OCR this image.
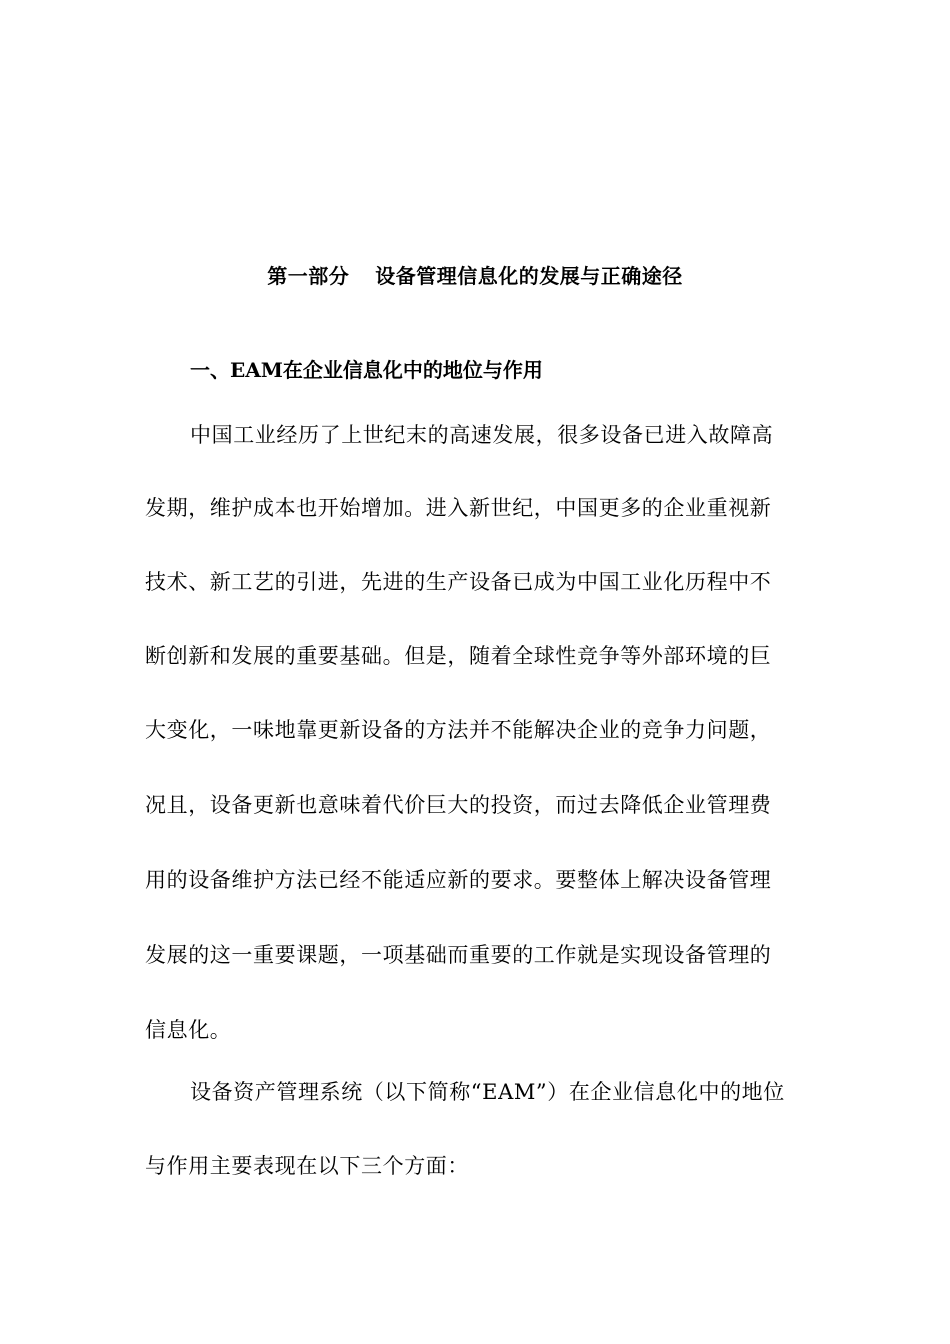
第一部分 设备管理信息化的发展与正确途径
一、EAM在企业信息化中的地位与作用
中国工业经历了上世纪末的高速发展，很多设备已进入故障高
发期，维护成本也开始增加。进入新世纪，中国更多的企业重视新
技术、新工艺的引进，先进的生产设备已成为中国工业化历程中不
断创新和发展的重要基础。但是，随着全球性竞争等外部环境的巨
大变化，一味地靠更新设备的方法并不能解决企业的竞争力问题，
况且，设备更新也意味着代价巨大的投资，而过去降低企业管理费
用的设备维护方法已经不能适应新的要求。要整体上解决设备管理
发展的这一重要课题，一项基础而重要的工作就是实现设备管理的
信息化。
设备资产管理系统（以下简称“EAM”）在企业信息化中的地位
与作用主要表现在以下三个方面：
